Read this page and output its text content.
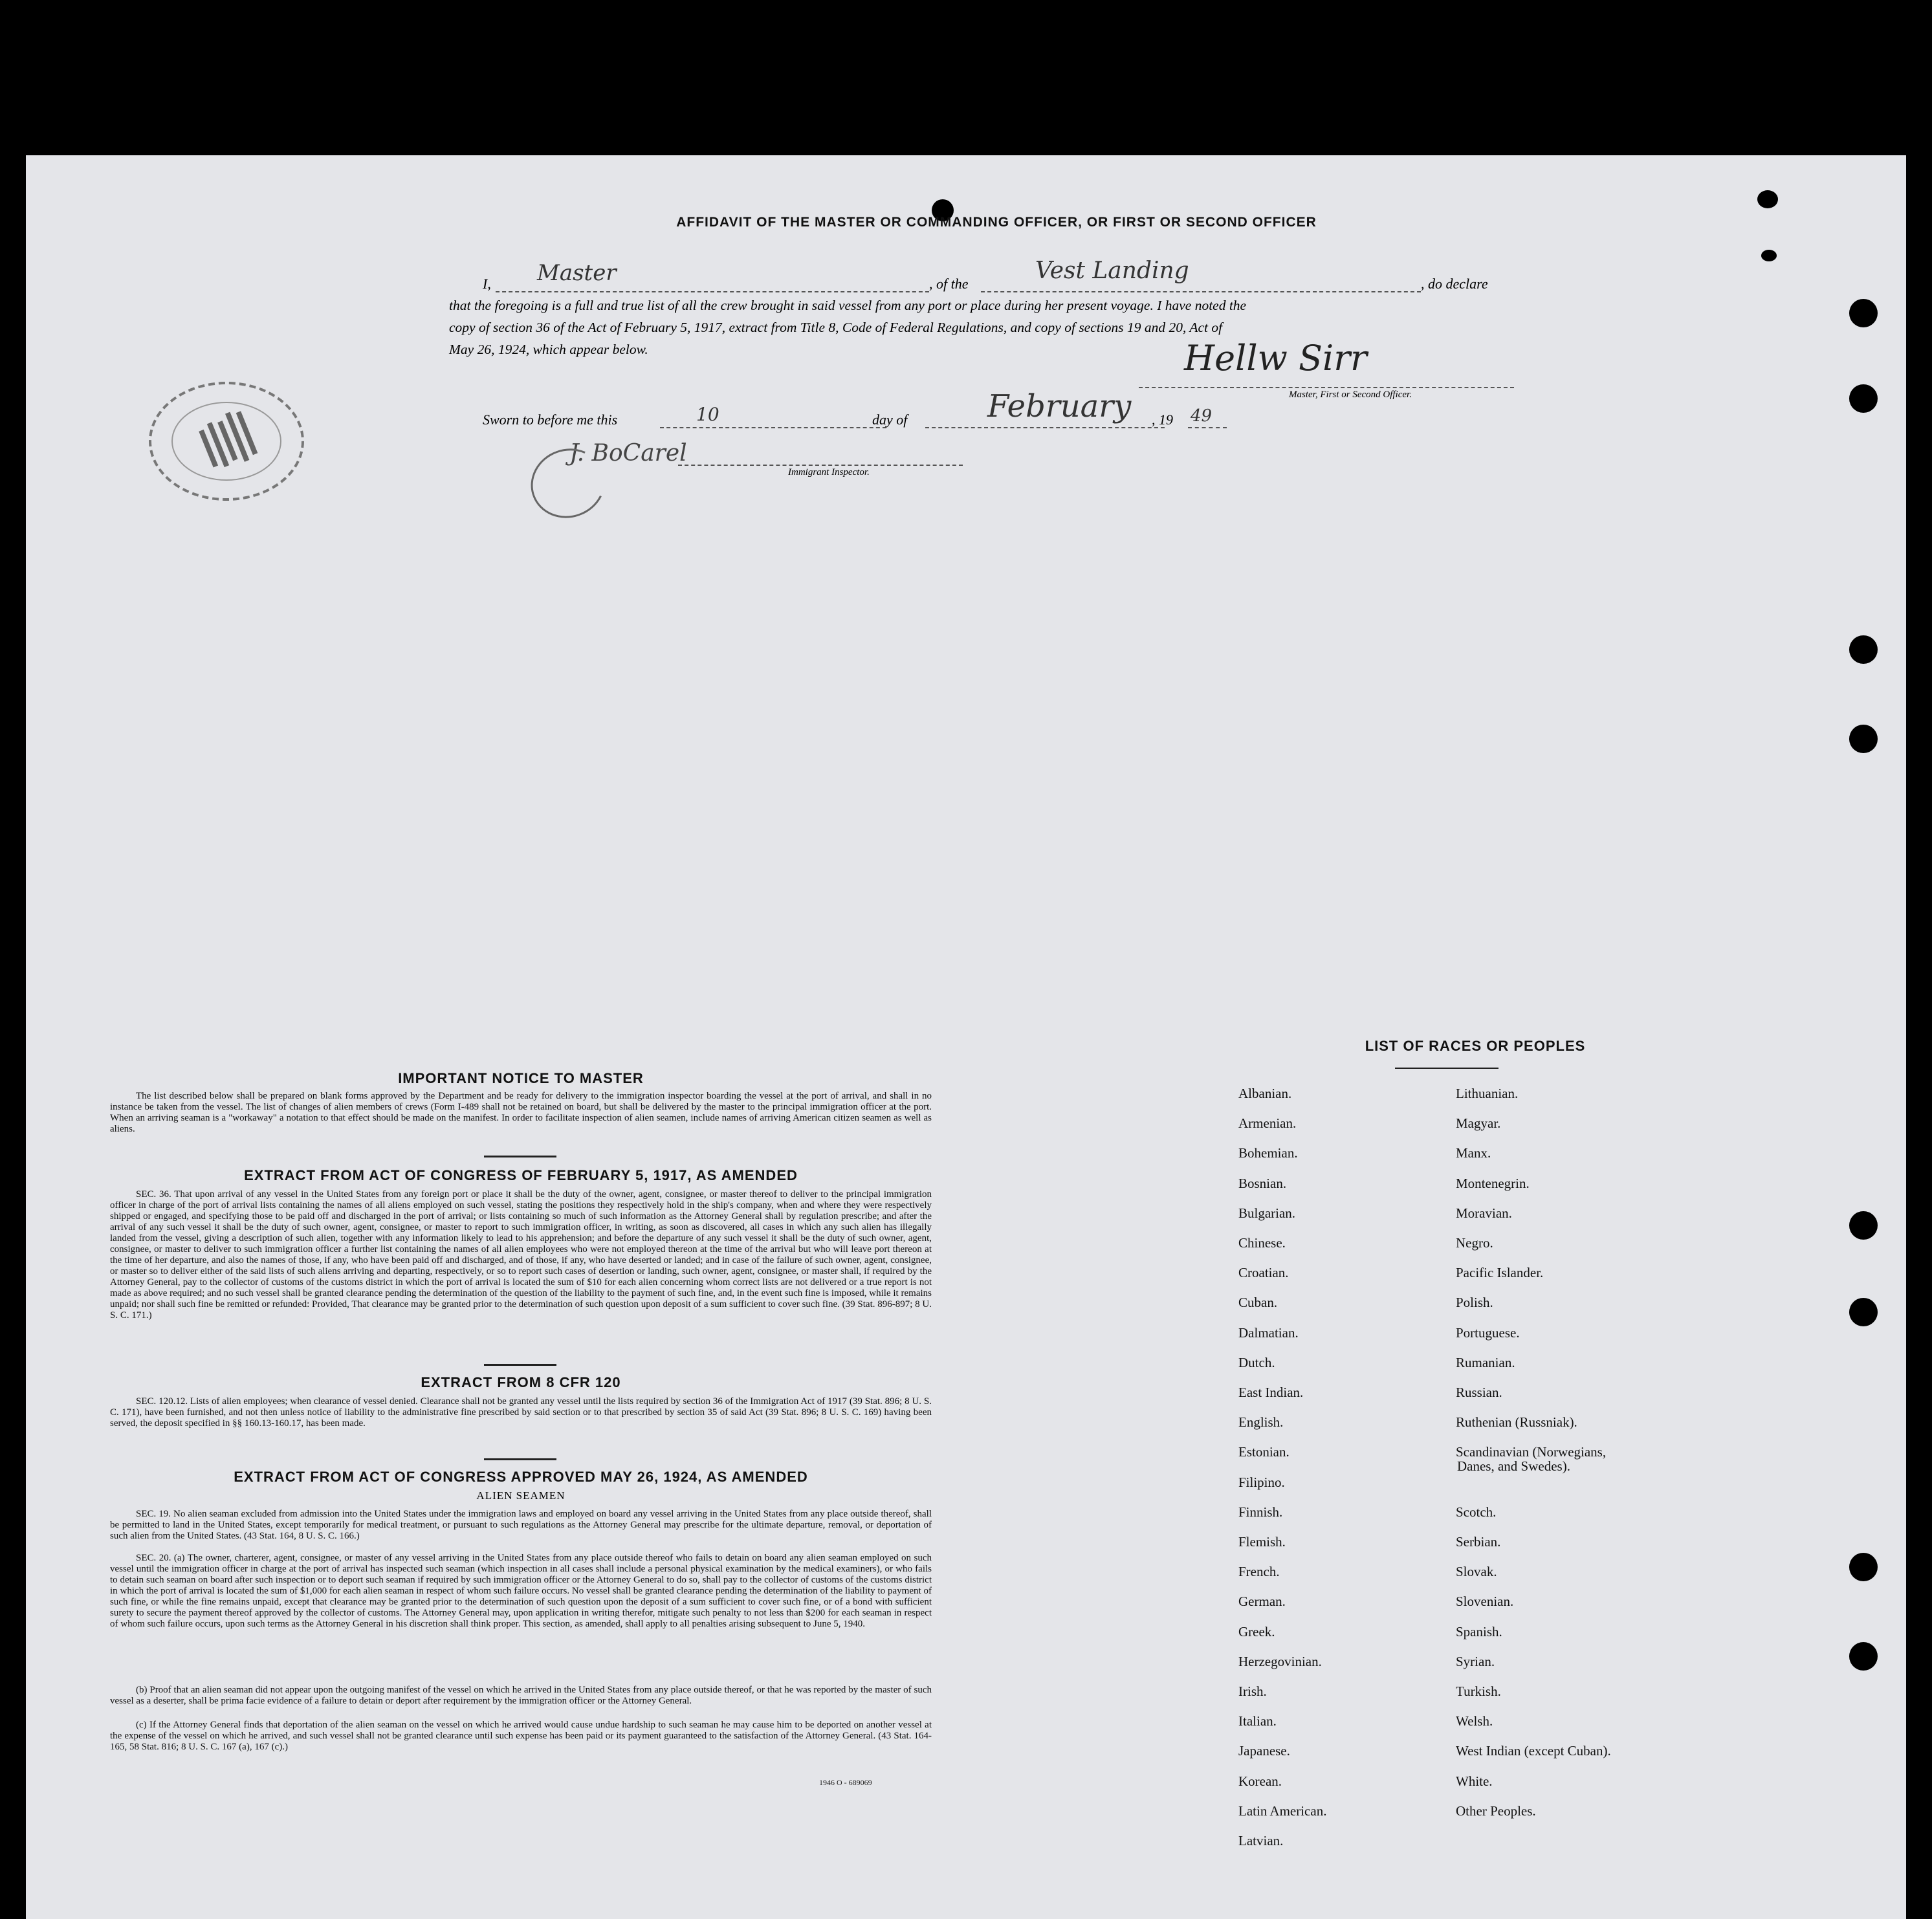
AFFIDAVIT OF THE MASTER OR COMMANDING OFFICER, OR FIRST OR SECOND OFFICER
I, Master	, of the	Vest Landing	, do declare
that the foregoing is a full and true list of all the crew brought in said vessel from any port or place during her present voyage. I have noted the
copy of section 36 of the Act of February 5, 1917, extract from Title 8, Code of Federal Regulations, and copy of sections 19 and 20, Act of
May 26, 1924, which appear below.	Hellw Sirr
Master, First or Second Officer.
Sworn to before me this	10	day of	February , 19 49
J. BoCarel
Immigrant Inspector.
IMPORTANT NOTICE TO MASTER
The list described below shall be prepared on blank forms approved by the Department and be ready for delivery to the immigration inspector boarding the vessel at the port of arrival, and shall in no instance be taken from the vessel. The list of changes of alien members of crews (Form I-489 shall not be retained on board, but shall be delivered by the master to the principal immigration officer at the port. When an arriving seaman is a "workaway" a notation to that effect should be made on the manifest. In order to facilitate inspection of alien seamen, include names of arriving American citizen seamen as well as aliens.
EXTRACT FROM ACT OF CONGRESS OF FEBRUARY 5, 1917, AS AMENDED
SEC. 36. That upon arrival of any vessel in the United States from any foreign port or place it shall be the duty of the owner, agent, consignee, or master thereof to deliver to the principal immigration officer in charge of the port of arrival lists containing the names of all aliens employed on such vessel, stating the positions they respectively hold in the ship's company, when and where they were respectively shipped or engaged, and specifying those to be paid off and discharged in the port of arrival; or lists containing so much of such information as the Attorney General shall by regulation prescribe; and after the arrival of any such vessel it shall be the duty of such owner, agent, consignee, or master to report to such immigration officer, in writing, as soon as discovered, all cases in which any such alien has illegally landed from the vessel, giving a description of such alien, together with any information likely to lead to his apprehension; and before the departure of any such vessel it shall be the duty of such owner, agent, consignee, or master to deliver to such immigration officer a further list containing the names of all alien employees who were not employed thereon at the time of the arrival but who will leave port thereon at the time of her departure, and also the names of those, if any, who have been paid off and discharged, and of those, if any, who have deserted or landed; and in case of the failure of such owner, agent, consignee, or master so to deliver either of the said lists of such aliens arriving and departing, respectively, or so to report such cases of desertion or landing, such owner, agent, consignee, or master shall, if required by the Attorney General, pay to the collector of customs of the customs district in which the port of arrival is located the sum of $10 for each alien concerning whom correct lists are not delivered or a true report is not made as above required; and no such vessel shall be granted clearance pending the determination of the question of the liability to the payment of such fine, and, in the event such fine is imposed, while it remains unpaid; nor shall such fine be remitted or refunded: Provided, That clearance may be granted prior to the determination of such question upon deposit of a sum sufficient to cover such fine. (39 Stat. 896-897; 8 U. S. C. 171.)
EXTRACT FROM 8 CFR 120
SEC. 120.12. Lists of alien employees; when clearance of vessel denied. Clearance shall not be granted any vessel until the lists required by section 36 of the Immigration Act of 1917 (39 Stat. 896; 8 U. S. C. 171), have been furnished, and not then unless notice of liability to the administrative fine prescribed by said section or to that prescribed by section 35 of said Act (39 Stat. 896; 8 U. S. C. 169) having been served, the deposit specified in §§ 160.13-160.17, has been made.
EXTRACT FROM ACT OF CONGRESS APPROVED MAY 26, 1924, AS AMENDED
ALIEN SEAMEN
SEC. 19. No alien seaman excluded from admission into the United States under the immigration laws and employed on board any vessel arriving in the United States from any place outside thereof, shall be permitted to land in the United States, except temporarily for medical treatment, or pursuant to such regulations as the Attorney General may prescribe for the ultimate departure, removal, or deportation of such alien from the United States. (43 Stat. 164, 8 U. S. C. 166.)
SEC. 20. (a) The owner, charterer, agent, consignee, or master of any vessel arriving in the United States from any place outside thereof who fails to detain on board any alien seaman employed on such vessel until the immigration officer in charge at the port of arrival has inspected such seaman (which inspection in all cases shall include a personal physical examination by the medical examiners), or who fails to detain such seaman on board after such inspection or to deport such seaman if required by such immigration officer or the Attorney General to do so, shall pay to the collector of customs of the customs district in which the port of arrival is located the sum of $1,000 for each alien seaman in respect of whom such failure occurs. No vessel shall be granted clearance pending the determination of the liability to payment of such fine, or while the fine remains unpaid, except that clearance may be granted prior to the determination of such question upon the deposit of a sum sufficient to cover such fine, or of a bond with sufficient surety to secure the payment thereof approved by the collector of customs. The Attorney General may, upon application in writing therefor, mitigate such penalty to not less than $200 for each seaman in respect of whom such failure occurs, upon such terms as the Attorney General in his discretion shall think proper. This section, as amended, shall apply to all penalties arising subsequent to June 5, 1940.
(b) Proof that an alien seaman did not appear upon the outgoing manifest of the vessel on which he arrived in the United States from any place outside thereof, or that he was reported by the master of such vessel as a deserter, shall be prima facie evidence of a failure to detain or deport after requirement by the immigration officer or the Attorney General.
(c) If the Attorney General finds that deportation of the alien seaman on the vessel on which he arrived would cause undue hardship to such seaman he may cause him to be deported on another vessel at the expense of the vessel on which he arrived, and such vessel shall not be granted clearance until such expense has been paid or its payment guaranteed to the satisfaction of the Attorney General. (43 Stat. 164-165, 58 Stat. 816; 8 U. S. C. 167 (a), 167 (c).)
1946 O - 689069
LIST OF RACES OR PEOPLES
Albanian.
Armenian.
Bohemian.
Bosnian.
Bulgarian.
Chinese.
Croatian.
Cuban.
Dalmatian.
Dutch.
East Indian.
English.
Estonian.
Filipino.
Finnish.
Flemish.
French.
German.
Greek.
Herzegovinian.
Irish.
Italian.
Japanese.
Korean.
Latin American.
Latvian.
Lithuanian.
Magyar.
Manx.
Montenegrin.
Moravian.
Negro.
Pacific Islander.
Polish.
Portuguese.
Rumanian.
Russian.
Ruthenian (Russniak).
Scandinavian (Norwegians,
Danes, and Swedes).
Scotch.
Serbian.
Slovak.
Slovenian.
Spanish.
Syrian.
Turkish.
Welsh.
West Indian (except Cuban).
White.
Other Peoples.
